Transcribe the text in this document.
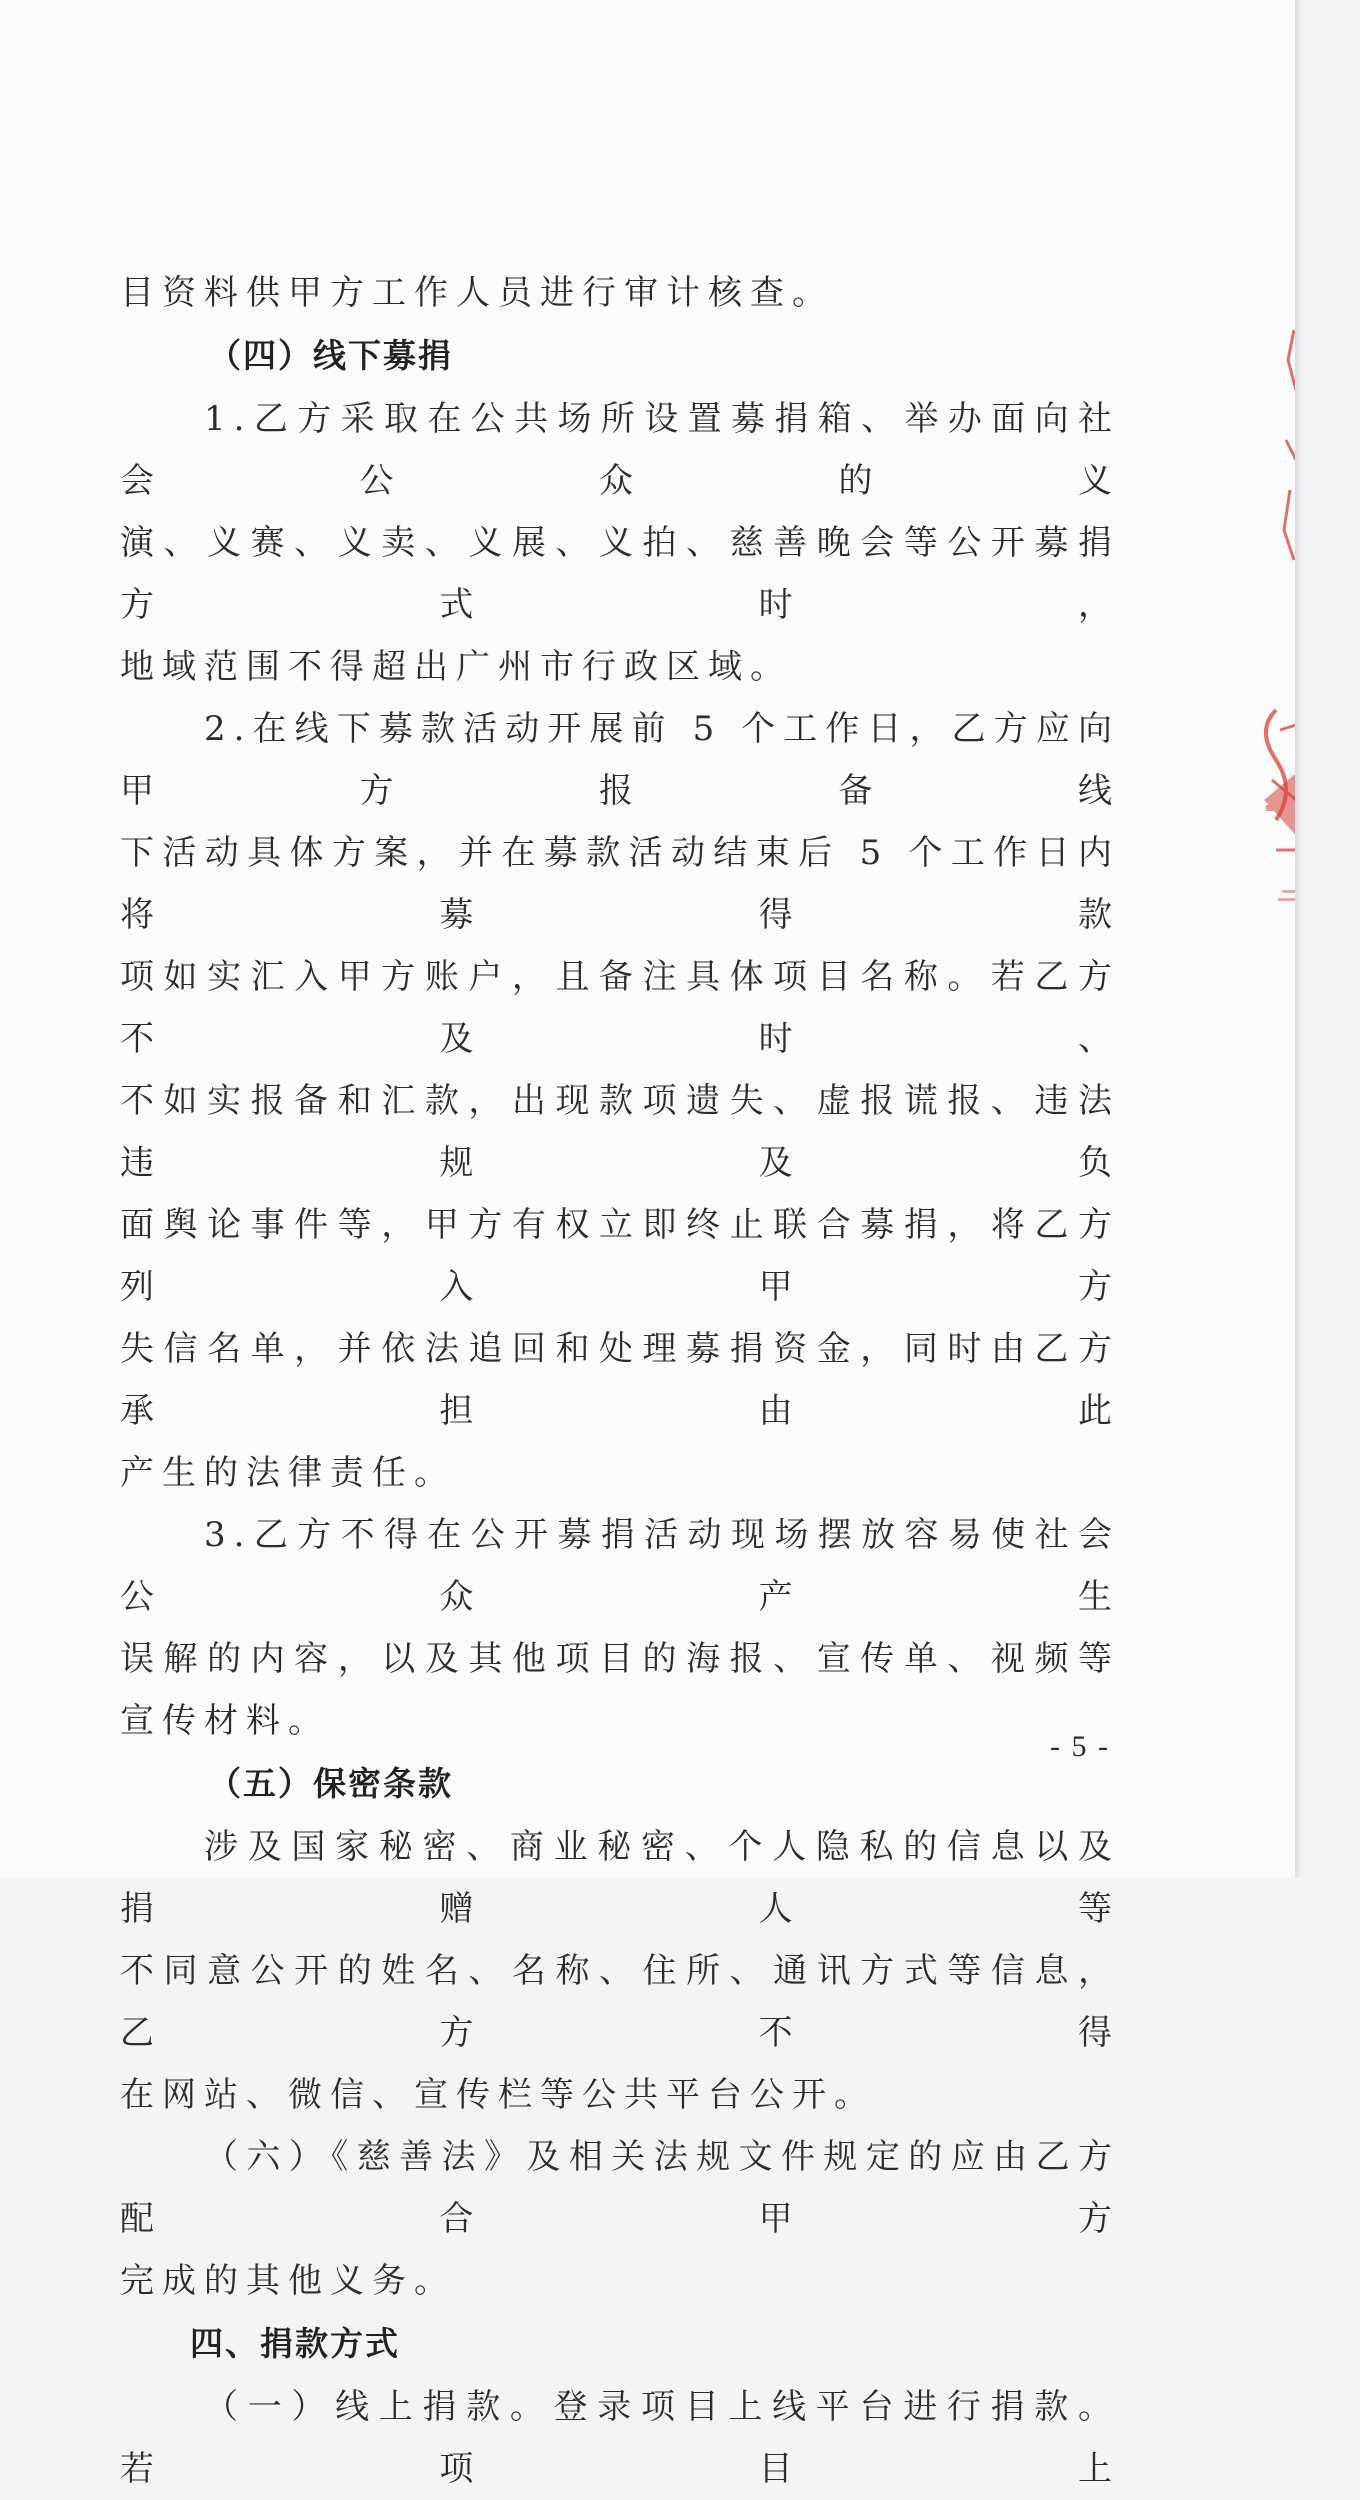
目资料供甲方工作人员进行审计核查。

（四）线下募捐

1.乙方采取在公共场所设置募捐箱、举办面向社会公众的义

演、义赛、义卖、义展、义拍、慈善晚会等公开募捐方式时，

地域范围不得超出广州市行政区域。

2.在线下募款活动开展前 5 个工作日，乙方应向甲方报备线

下活动具体方案，并在募款活动结束后 5 个工作日内将募得款

项如实汇入甲方账户，且备注具体项目名称。若乙方不及时、

不如实报备和汇款，出现款项遗失、虚报谎报、违法违规及负

面舆论事件等，甲方有权立即终止联合募捐，将乙方列入甲方

失信名单，并依法追回和处理募捐资金，同时由乙方承担由此

产生的法律责任。

3.乙方不得在公开募捐活动现场摆放容易使社会公众产生

误解的内容，以及其他项目的海报、宣传单、视频等宣传材料。

（五）保密条款

涉及国家秘密、商业秘密、个人隐私的信息以及捐赠人等

不同意公开的姓名、名称、住所、通讯方式等信息，乙方不得

在网站、微信、宣传栏等公共平台公开。

（六）《慈善法》及相关法规文件规定的应由乙方配合甲方

完成的其他义务。

四、捐款方式

（一）线上捐款。登录项目上线平台进行捐款。若项目上

- 5 -
